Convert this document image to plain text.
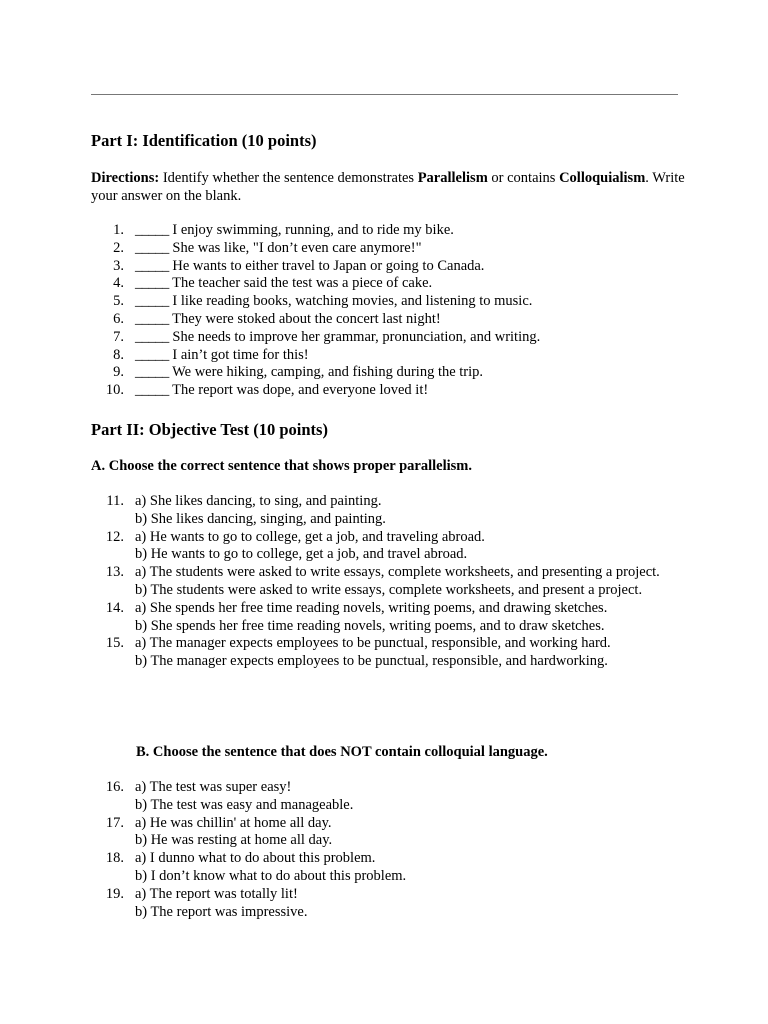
Part I: Identification (10 points)

Directions: Identify whether the sentence demonstrates Parallelism or contains Colloquialism. Write your answer on the blank.

1. _____ I enjoy swimming, running, and to ride my bike.
2. _____ She was like, "I don’t even care anymore!"
3. _____ He wants to either travel to Japan or going to Canada.
4. _____ The teacher said the test was a piece of cake.
5. _____ I like reading books, watching movies, and listening to music.
6. _____ They were stoked about the concert last night!
7. _____ She needs to improve her grammar, pronunciation, and writing.
8. _____ I ain’t got time for this!
9. _____ We were hiking, camping, and fishing during the trip.
10. _____ The report was dope, and everyone loved it!
Part II: Objective Test (10 points)
A. Choose the correct sentence that shows proper parallelism.
11. a) She likes dancing, to sing, and painting.
b) She likes dancing, singing, and painting.
12. a) He wants to go to college, get a job, and traveling abroad.
b) He wants to go to college, get a job, and travel abroad.
13. a) The students were asked to write essays, complete worksheets, and presenting a project.
b) The students were asked to write essays, complete worksheets, and present a project.
14. a) She spends her free time reading novels, writing poems, and drawing sketches.
b) She spends her free time reading novels, writing poems, and to draw sketches.
15. a) The manager expects employees to be punctual, responsible, and working hard.
b) The manager expects employees to be punctual, responsible, and hardworking.
B. Choose the sentence that does NOT contain colloquial language.
16. a) The test was super easy!
b) The test was easy and manageable.
17. a) He was chillin' at home all day.
b) He was resting at home all day.
18. a) I dunno what to do about this problem.
b) I don’t know what to do about this problem.
19. a) The report was totally lit!
b) The report was impressive.
